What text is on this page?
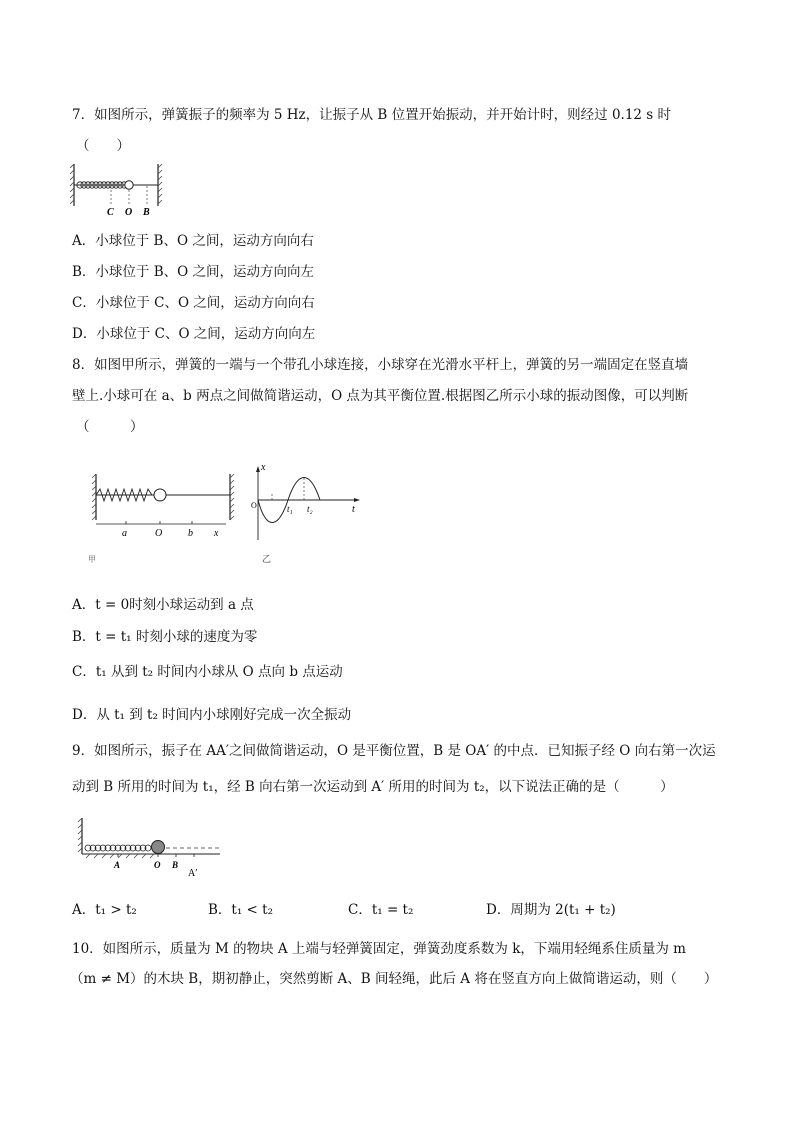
7．如图所示，弹簧振子的频率为 5 Hz，让振子从 B 位置开始振动，并开始计时，则经过 0.12 s 时
（　　）
C O B
A．小球位于 B、O 之间，运动方向向右
B．小球位于 B、O 之间，运动方向向左
C．小球位于 C、O 之间，运动方向向右
D．小球位于 C、O 之间，运动方向向左
8．如图甲所示，弹簧的一端与一个带孔小球连接，小球穿在光滑水平杆上，弹簧的另一端固定在竖直墙
壁上.小球可在 a、b 两点之间做简谐运动，O 点为其平衡位置.根据图乙所示小球的振动图像，可以判断
（　　　）
a	O	b x
甲
x
O	t₁ t₂	t
乙
A．t = 0时刻小球运动到 a 点
B．t = t₁ 时刻小球的速度为零
C．t₁ 从到 t₂ 时间内小球从 O 点向 b 点运动
D．从 t₁ 到 t₂ 时间内小球刚好完成一次全振动
9．如图所示，振子在 AA′之间做简谐运动，O 是平衡位置，B 是 OA′ 的中点．已知振子经 O 向右第一次运
动到 B 所用的时间为 t₁，经 B 向右第一次运动到 A′ 所用的时间为 t₂，以下说法正确的是（　　　）
A	O B
A′
A．t₁ > t₂	B．t₁ < t₂	C．t₁ = t₂	D．周期为 2(t₁ + t₂)
10．如图所示，质量为 M 的物块 A 上端与轻弹簧固定，弹簧劲度系数为 k，下端用轻绳系住质量为 m
（m ≠ M）的木块 B，期初静止，突然剪断 A、B 间轻绳，此后 A 将在竖直方向上做简谐运动，则（　　）
